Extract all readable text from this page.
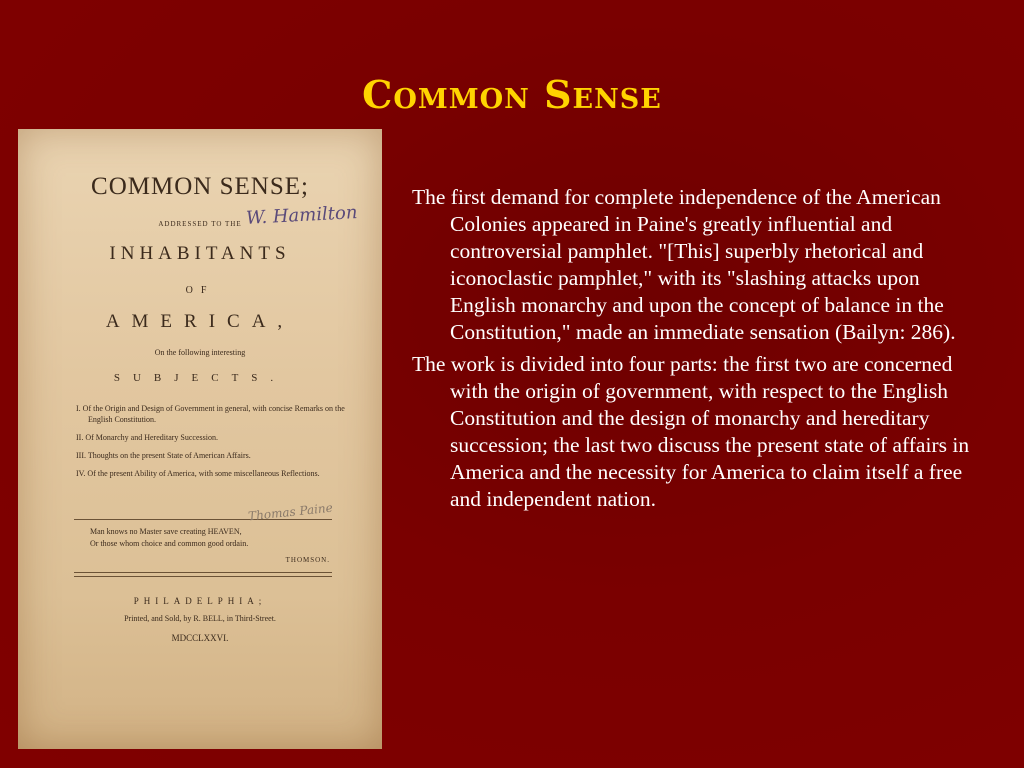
Common Sense
COMMON SENSE;
ADDRESSED TO THE W. Hamilton
INHABITANTS
OF
AMERICA,
On the following interesting
SUBJECTS.
I. Of the Origin and Design of Government in general, with concise Remarks on the English Constitution.
II. Of Monarchy and Hereditary Succession.
III. Thoughts on the present State of American Affairs.
IV. Of the present Ability of America, with some miscellaneous Reflections.
Thomas Paine
Man knows no Master save creating HEAVEN,
Or those whom choice and common good ordain.
THOMSON.
PHILADELPHIA;
Printed, and Sold, by R. BELL, in Third-Street.
MDCCLXXVI.

The first demand for complete independence of the American Colonies appeared in Paine's greatly influential and controversial pamphlet. "[This] superbly rhetorical and iconoclastic pamphlet," with its "slashing attacks upon English monarchy and upon the concept of balance in the Constitution," made an immediate sensation (Bailyn: 286).

The work is divided into four parts: the first two are concerned with the origin of government, with respect to the English Constitution and the design of monarchy and hereditary succession; the last two discuss the present state of affairs in America and the necessity for America to claim itself a free and independent nation.
